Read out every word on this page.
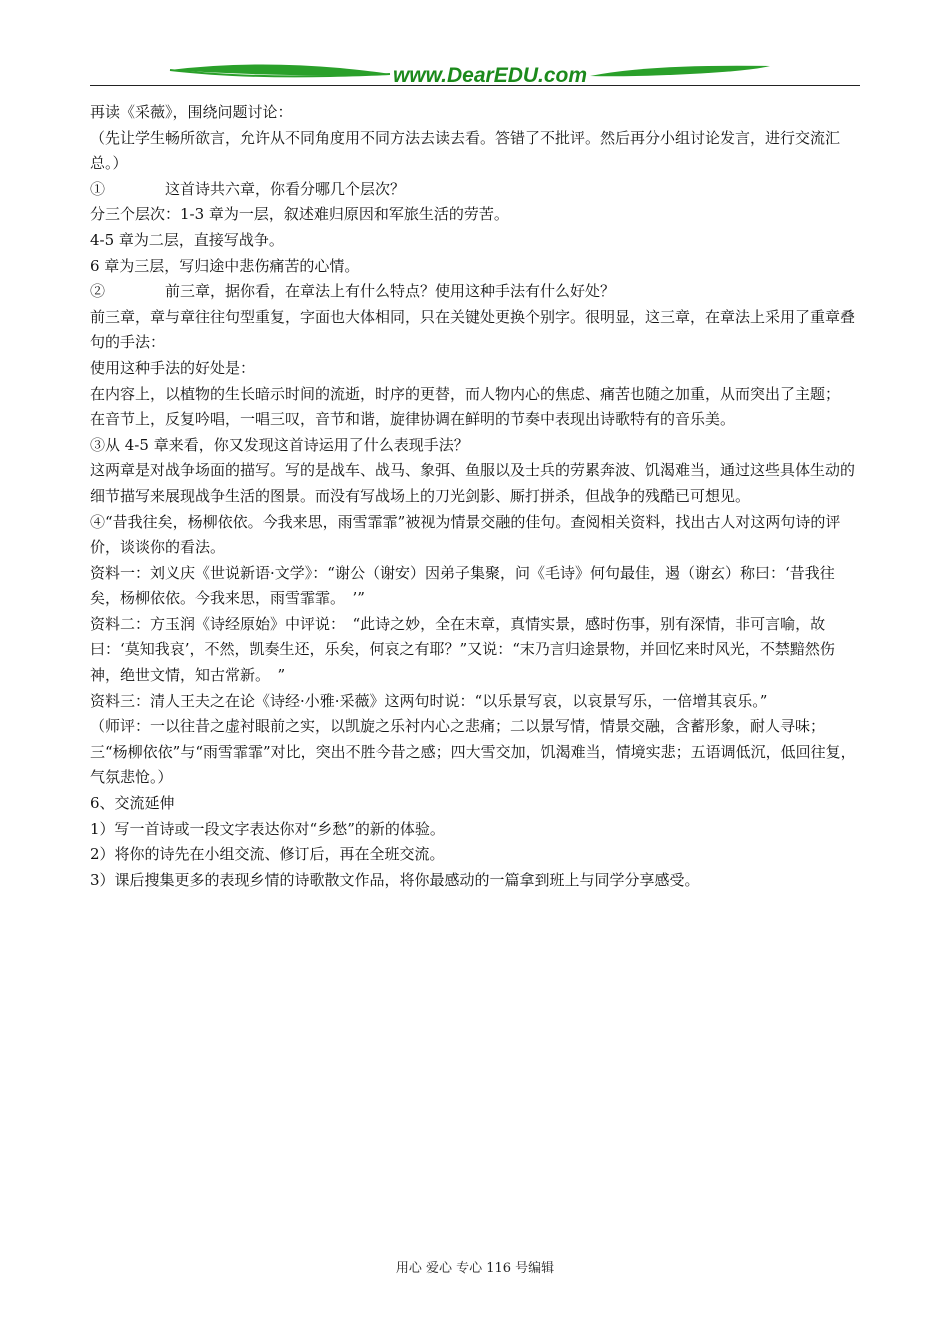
www.DearEDU.com

再读《采薇》，围绕问题讨论：

（先让学生畅所欲言，允许从不同角度用不同方法去读去看。答错了不批评。然后再分小组讨论发言，进行交流汇总。）

①　　　　这首诗共六章，你看分哪几个层次？

分三个层次：1-3 章为一层，叙述难归原因和军旅生活的劳苦。

4-5 章为二层，直接写战争。

6 章为三层，写归途中悲伤痛苦的心情。

②　　　　前三章，据你看，在章法上有什么特点？使用这种手法有什么好处？

前三章，章与章往往句型重复，字面也大体相同，只在关键处更换个别字。很明显，这三章，在章法上采用了重章叠句的手法：

使用这种手法的好处是：

在内容上，以植物的生长暗示时间的流逝，时序的更替，而人物内心的焦虑、痛苦也随之加重，从而突出了主题；

在音节上，反复吟唱，一唱三叹，音节和谐，旋律协调在鲜明的节奏中表现出诗歌特有的音乐美。

③从 4-5 章来看，你又发现这首诗运用了什么表现手法？

这两章是对战争场面的描写。写的是战车、战马、象弭、鱼服以及士兵的劳累奔波、饥渴难当，通过这些具体生动的细节描写来展现战争生活的图景。而没有写战场上的刀光剑影、厮打拼杀，但战争的残酷已可想见。

④“昔我往矣，杨柳依依。今我来思，雨雪霏霏”被视为情景交融的佳句。查阅相关资料，找出古人对这两句诗的评价，谈谈你的看法。

资料一：刘义庆《世说新语·文学》：“谢公（谢安）因弟子集聚，问《毛诗》何句最佳，遏（谢玄）称曰：‘昔我往矣，杨柳依依。今我来思，雨雪霏霏。　’”

资料二：方玉润《诗经原始》中评说：　“此诗之妙，全在末章，真情实景，感时伤事，别有深情，非可言喻，故曰：‘莫知我哀’，不然，凯奏生还，乐矣，何哀之有耶？”又说：“末乃言归途景物，并回忆来时风光，不禁黯然伤神，绝世文情，知古常新。　”

资料三：清人王夫之在论《诗经·小雅·采薇》这两句时说：“以乐景写哀，以哀景写乐，一倍增其哀乐。”

（师评：一以往昔之虚衬眼前之实，以凯旋之乐衬内心之悲痛；二以景写情，情景交融，含蓄形象，耐人寻味；三“杨柳依依”与“雨雪霏霏”对比，突出不胜今昔之感；四大雪交加，饥渴难当，情境实悲；五语调低沉，低回往复，气氛悲怆。）

6、交流延伸

1）写一首诗或一段文字表达你对“乡愁”的新的体验。

2）将你的诗先在小组交流、修订后，再在全班交流。

3）课后搜集更多的表现乡情的诗歌散文作品，将你最感动的一篇拿到班上与同学分享感受。

用心 爱心 专心 116 号编辑
